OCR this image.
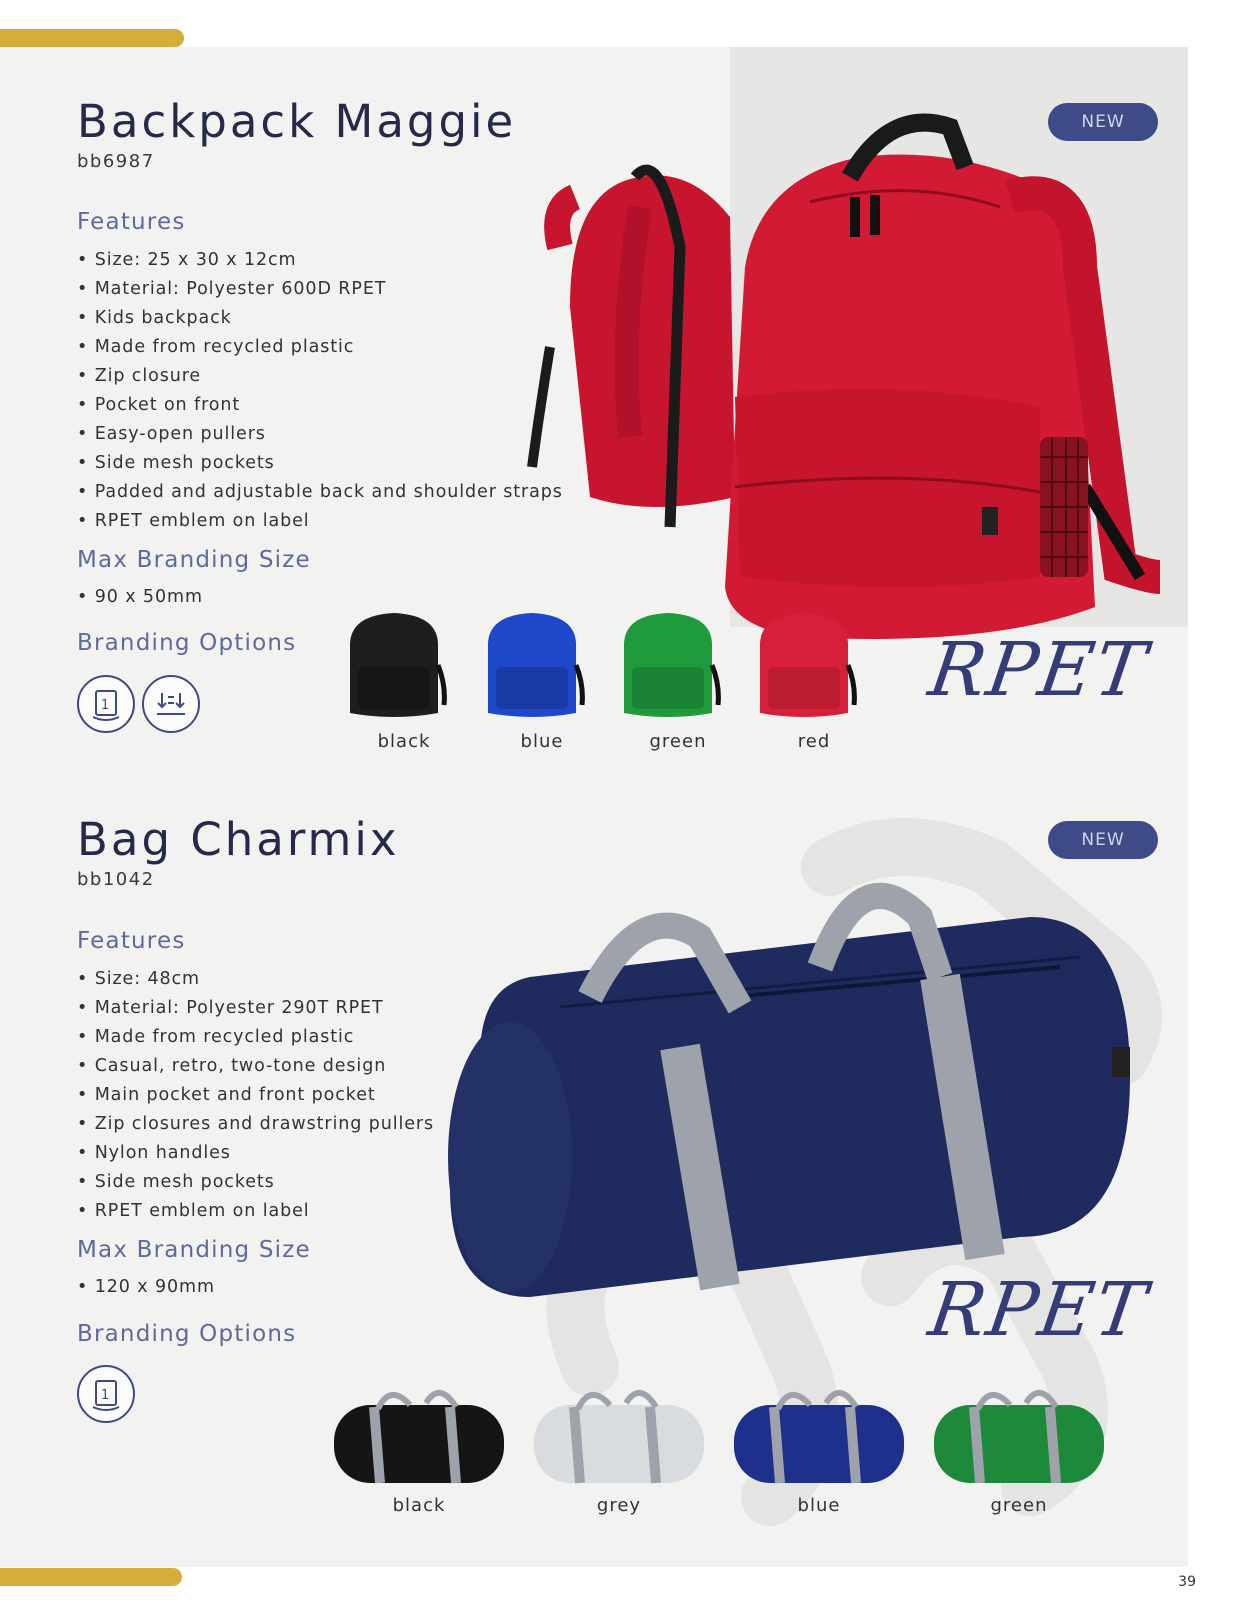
Backpack Maggie
bb6987
Features
• Size: 25 x 30 x 12cm
• Material: Polyester 600D RPET
• Kids backpack
• Made from recycled plastic
• Zip closure
• Pocket on front
• Easy-open pullers
• Side mesh pockets
• Padded and adjustable back and shoulder straps
• RPET emblem on label
Max Branding Size
• 90 x 50mm
Branding Options
1
NEW
black	blue	green	red
RPET
Bag Charmix
bb1042
Features
• Size: 48cm
• Material: Polyester 290T RPET
• Made from recycled plastic
• Casual, retro, two-tone design
• Main pocket and front pocket
• Zip closures and drawstring pullers
• Nylon handles
• Side mesh pockets
• RPET emblem on label
Max Branding Size
• 120 x 90mm
Branding Options
1
NEW
RPET
black	grey	blue	green
39
